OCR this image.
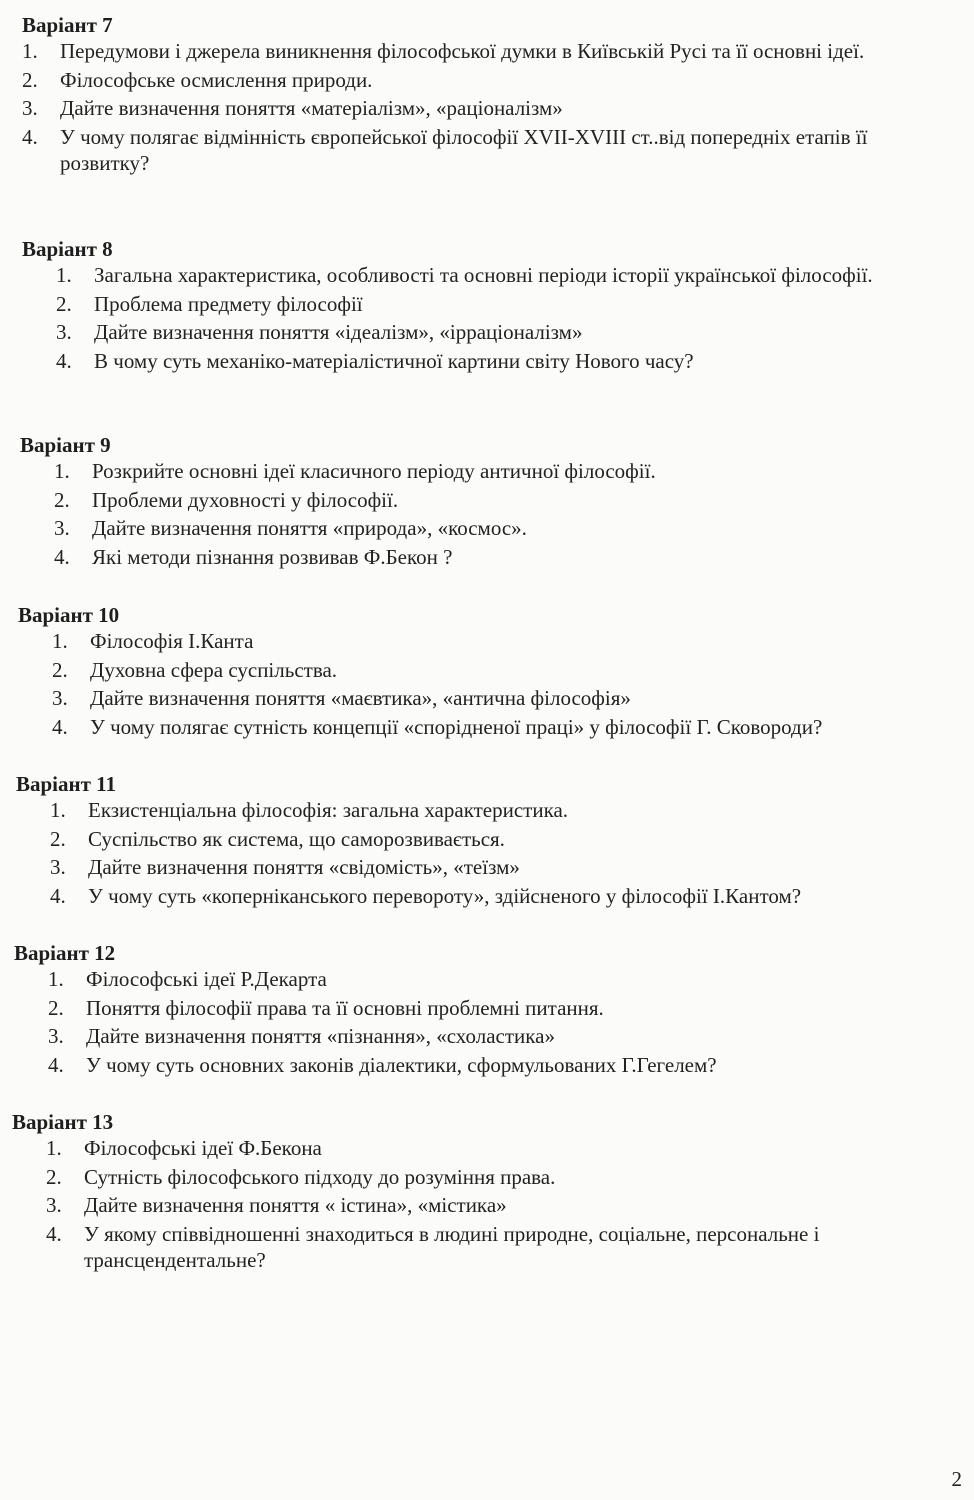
Варіант 7
1. Передумови і джерела виникнення філософської думки в Київській Русі та її основні ідеї.
2. Філософське осмислення природи.
3. Дайте визначення поняття «матеріалізм», «раціоналізм»
4. У чому полягає відмінність європейської філософії XVII-XVIII ст..від попередніх етапів її розвитку?
Варіант 8
1. Загальна характеристика, особливості та основні періоди історії української філософії.
2. Проблема предмету філософії
3. Дайте визначення поняття «ідеалізм», «ірраціоналізм»
4. В чому суть механіко-матеріалістичної картини світу Нового часу?
Варіант 9
1. Розкрийте основні ідеї класичного періоду античної філософії.
2. Проблеми духовності у філософії.
3. Дайте визначення поняття «природа», «космос».
4. Які методи пізнання розвивав Ф.Бекон ?
Варіант 10
1. Філософія І.Канта
2. Духовна сфера суспільства.
3. Дайте визначення поняття «маєвтика», «антична філософія»
4. У чому полягає сутність концепції «спорідненої праці» у філософії Г. Сковороди?
Варіант 11
1. Екзистенціальна філософія: загальна характеристика.
2. Суспільство як система, що саморозвивається.
3. Дайте визначення поняття «свідомість», «теїзм»
4. У чому суть «коперніканського перевороту», здійсненого у філософії І.Кантом?
Варіант 12
1. Філософські ідеї Р.Декарта
2. Поняття філософії права та її основні проблемні питання.
3. Дайте визначення поняття «пізнання», «схоластика»
4. У чому суть основних законів діалектики, сформульованих Г.Гегелем?
Варіант 13
1. Філософські ідеї Ф.Бекона
2. Сутність філософського підходу до розуміння права.
3. Дайте визначення поняття « істина», «містика»
4. У якому співвідношенні знаходиться в людині природне, соціальне, персональне і трансцендентальне?
2
